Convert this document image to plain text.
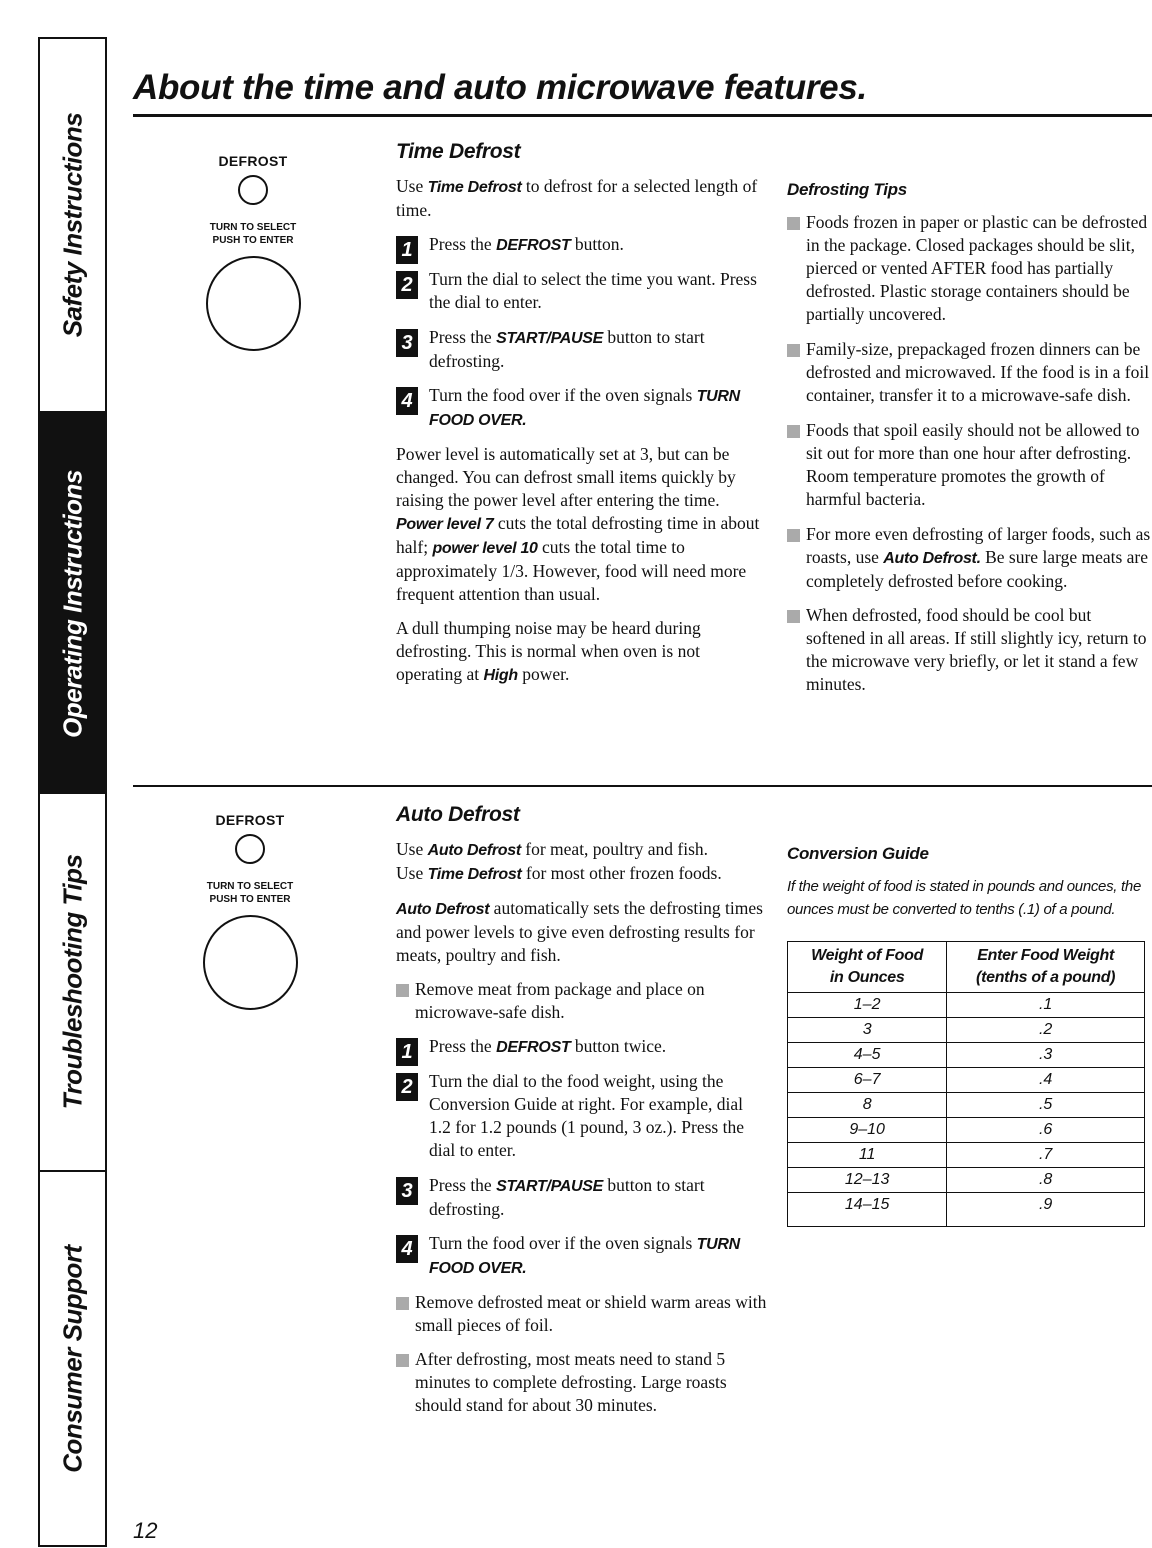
Safety Instructions
Operating Instructions
Troubleshooting Tips
Consumer Support
About the time and auto microwave features.
DEFROST
TURN TO SELECT
PUSH TO ENTER
Time Defrost

Use Time Defrost to defrost for a selected length of time.

1 Press the DEFROST button.
2 Turn the dial to select the time you want. Press the dial to enter.
3 Press the START/PAUSE button to start defrosting.
4 Turn the food over if the oven signals TURN FOOD OVER.

Power level is automatically set at 3, but can be changed. You can defrost small items quickly by raising the power level after entering the time. Power level 7 cuts the total defrosting time in about half; power level 10 cuts the total time to approximately 1/3. However, food will need more frequent attention than usual.

A dull thumping noise may be heard during defrosting. This is normal when oven is not operating at High power.

Defrosting Tips
Foods frozen in paper or plastic can be defrosted in the package. Closed packages should be slit, pierced or vented AFTER food has partially defrosted. Plastic storage containers should be partially uncovered.
Family-size, prepackaged frozen dinners can be defrosted and microwaved. If the food is in a foil container, transfer it to a microwave-safe dish.
Foods that spoil easily should not be allowed to sit out for more than one hour after defrosting. Room temperature promotes the growth of harmful bacteria.
For more even defrosting of larger foods, such as roasts, use Auto Defrost. Be sure large meats are completely defrosted before cooking.
When defrosted, food should be cool but softened in all areas. If still slightly icy, return to the microwave very briefly, or let it stand a few minutes.
DEFROST
TURN TO SELECT
PUSH TO ENTER
Auto Defrost

Use Auto Defrost for meat, poultry and fish.

Use Time Defrost for most other frozen foods.

Auto Defrost automatically sets the defrosting times and power levels to give even defrosting results for meats, poultry and fish.

Remove meat from package and place on microwave-safe dish.
1 Press the DEFROST button twice.
2 Turn the dial to the food weight, using the Conversion Guide at right. For example, dial 1.2 for 1.2 pounds (1 pound, 3 oz.). Press the dial to enter.
3 Press the START/PAUSE button to start defrosting.
4 Turn the food over if the oven signals TURN FOOD OVER.
Remove defrosted meat or shield warm areas with small pieces of foil.
After defrosting, most meats need to stand 5 minutes to complete defrosting. Large roasts should stand for about 30 minutes.
Conversion Guide
If the weight of food is stated in pounds and ounces, the ounces must be converted to tenths (.1) of a pound.
Weight of Food
in Ounces	Enter Food Weight
(tenths of a pound)
1–2	.1
3	.2
4–5	.3
6–7	.4
8	.5
9–10	.6
11	.7
12–13	.8
14–15	.9
12
